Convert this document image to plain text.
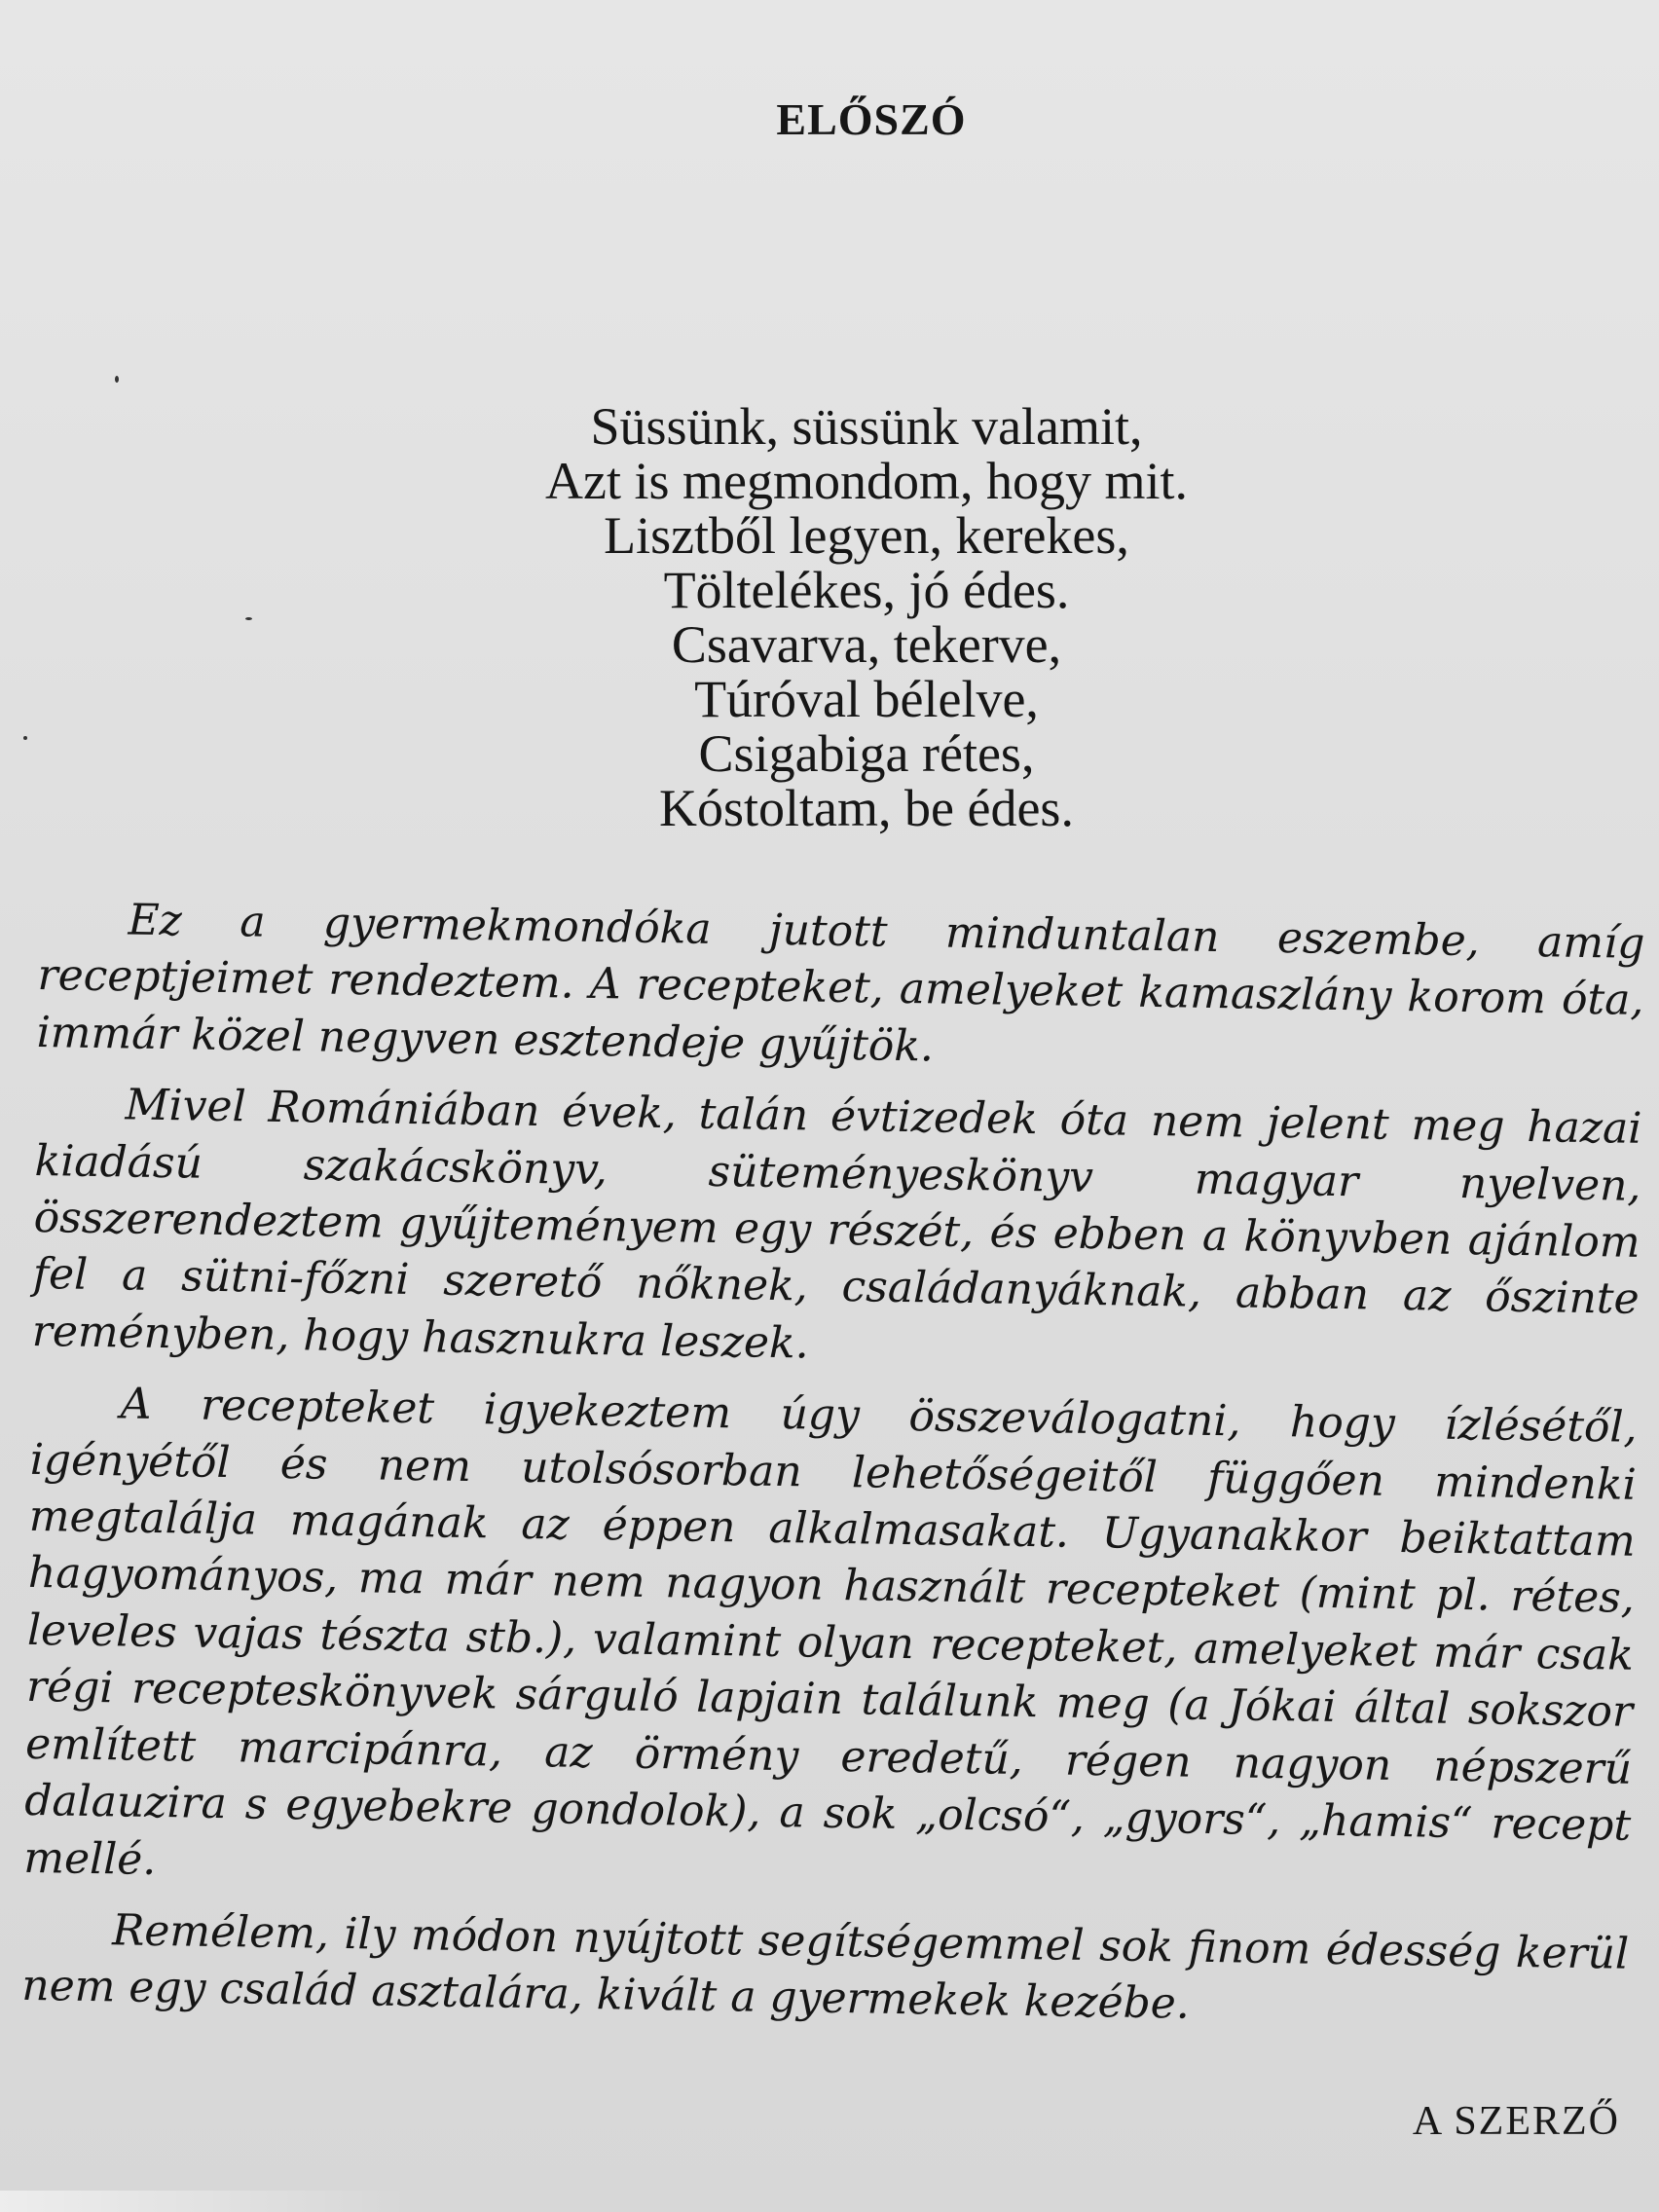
ELŐSZÓ
Süssünk, süssünk valamit,
Azt is megmondom, hogy mit.
Lisztből legyen, kerekes,
Töltelékes, jó édes.
Csavarva, tekerve,
Túróval bélelve,
Csigabiga rétes,
Kóstoltam, be édes.

Ez a gyermekmondóka jutott minduntalan eszembe, amíg receptjeimet rendeztem. A recepteket, amelyeket kamaszlány korom óta, immár közel negyven esztendeje gyűjtök.

Mivel Romániában évek, talán évtizedek óta nem jelent meg hazai kiadású szakácskönyv, süteményeskönyv magyar nyelven, összerendeztem gyűjteményem egy részét, és ebben a könyvben ajánlom fel a sütni-főzni szerető nőknek, családanyáknak, abban az őszinte reményben, hogy hasznukra leszek.

A recepteket igyekeztem úgy összeválogatni, hogy ízlésétől, igényétől és nem utolsósorban lehetőségeitől függően mindenki megtalálja magának az éppen alkalmasakat. Ugyanakkor beiktattam hagyományos, ma már nem nagyon használt recepteket (mint pl. rétes, leveles vajas tészta stb.), valamint olyan recepteket, amelyeket már csak régi recepteskönyvek sárguló lapjain találunk meg (a Jókai által sokszor említett marcipánra, az örmény eredetű, régen nagyon népszerű dalauzira s egyebekre gondolok), a sok „olcsó“, „gyors“, „hamis“ recept mellé.

Remélem, ily módon nyújtott segítségemmel sok finom édesség kerül nem egy család asztalára, kivált a gyermekek kezébe.

A SZERZŐ
